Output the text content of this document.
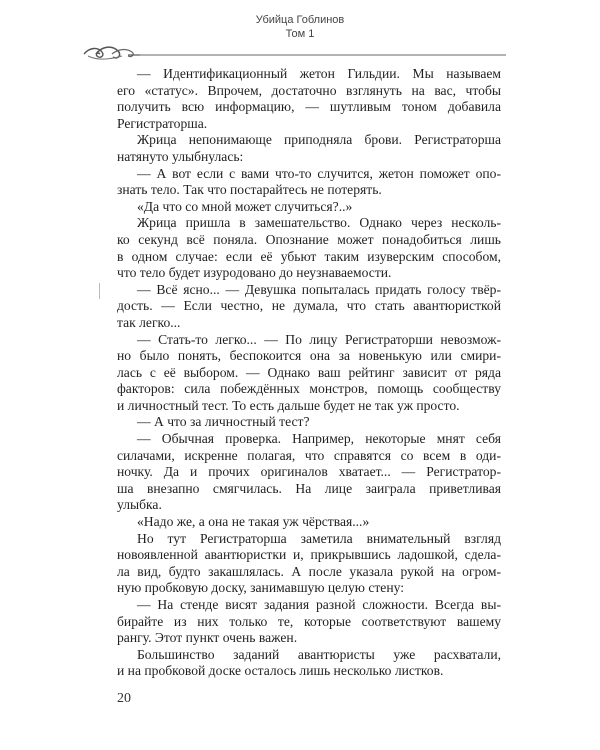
Убийца Гоблинов
Том 1

— Идентификационный жетон Гильдии. Мы называем
его «статус». Впрочем, достаточно взглянуть на вас, чтобы
получить всю информацию, — шутливым тоном добавила
Регистраторша.

Жрица непонимающе приподняла брови. Регистраторша
натянуто улыбнулась:

— А вот если с вами что-то случится, жетон поможет опо-
знать тело. Так что постарайтесь не потерять.

«Да что со мной может случиться?..»

Жрица пришла в замешательство. Однако через несколь-
ко секунд всё поняла. Опознание может понадобиться лишь
в одном случае: если её убьют таким изуверским способом,
что тело будет изуродовано до неузнаваемости.

— Всё ясно... — Девушка попыталась придать голосу твёр-
дость. — Если честно, не думала, что стать авантюристкой
так легко...

— Стать-то легко... — По лицу Регистраторши невозмож-
но было понять, беспокоится она за новенькую или смири-
лась с её выбором. — Однако ваш рейтинг зависит от ряда
факторов: сила побеждённых монстров, помощь сообществу
и личностный тест. То есть дальше будет не так уж просто.

— А что за личностный тест?

— Обычная проверка. Например, некоторые мнят себя
силачами, искренне полагая, что справятся со всем в оди-
ночку. Да и прочих оригиналов хватает... — Регистратор-
ша внезапно смягчилась. На лице заиграла приветливая
улыбка.

«Надо же, а она не такая уж чёрствая...»

Но тут Регистраторша заметила внимательный взгляд
новоявленной авантюристки и, прикрывшись ладошкой, сдела-
ла вид, будто закашлялась. А после указала рукой на огром-
ную пробковую доску, занимавшую целую стену:

— На стенде висят задания разной сложности. Всегда вы-
бирайте из них только те, которые соответствуют вашему
рангу. Этот пункт очень важен.

Большинство заданий авантюристы уже расхватали,
и на пробковой доске осталось лишь несколько листков.

20
